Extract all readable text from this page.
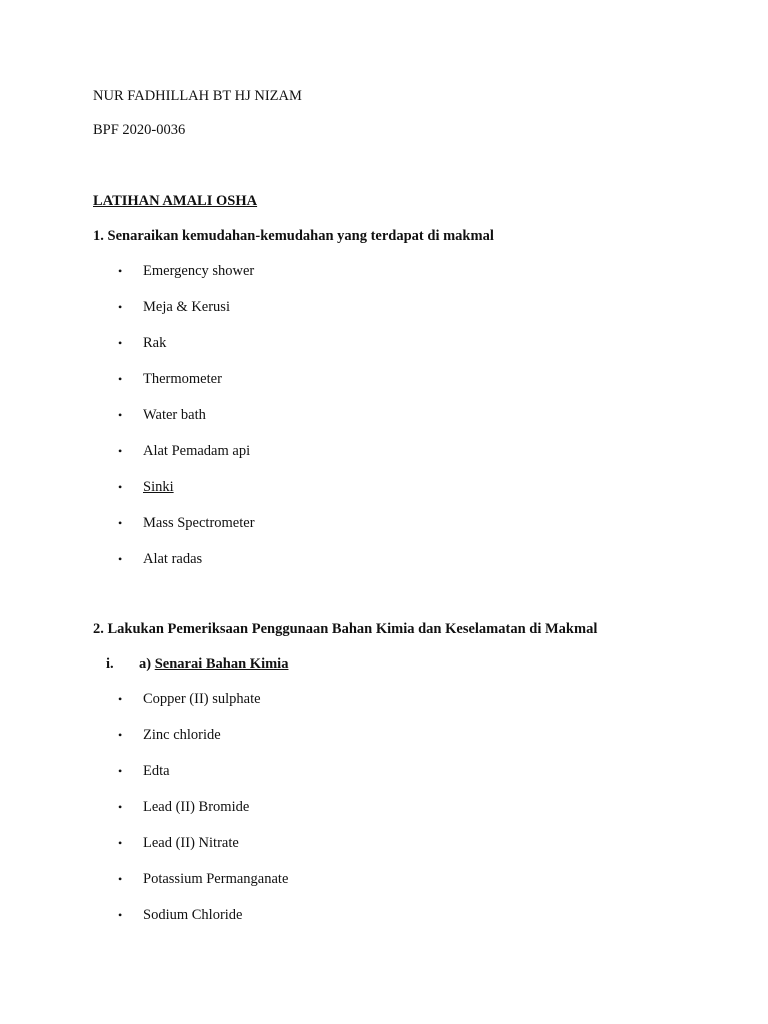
NUR FADHILLAH BT HJ NIZAM
BPF 2020-0036
LATIHAN AMALI OSHA
1. Senaraikan kemudahan-kemudahan yang terdapat di makmal
• Emergency shower
• Meja & Kerusi
• Rak
• Thermometer
• Water bath
• Alat Pemadam api
• Sinki
• Mass Spectrometer
• Alat radas
2. Lakukan Pemeriksaan Penggunaan Bahan Kimia dan Keselamatan di Makmal
i. a) Senarai Bahan Kimia
• Copper (II) sulphate
• Zinc chloride
• Edta
• Lead (II) Bromide
• Lead (II) Nitrate
• Potassium Permanganate
• Sodium Chloride
